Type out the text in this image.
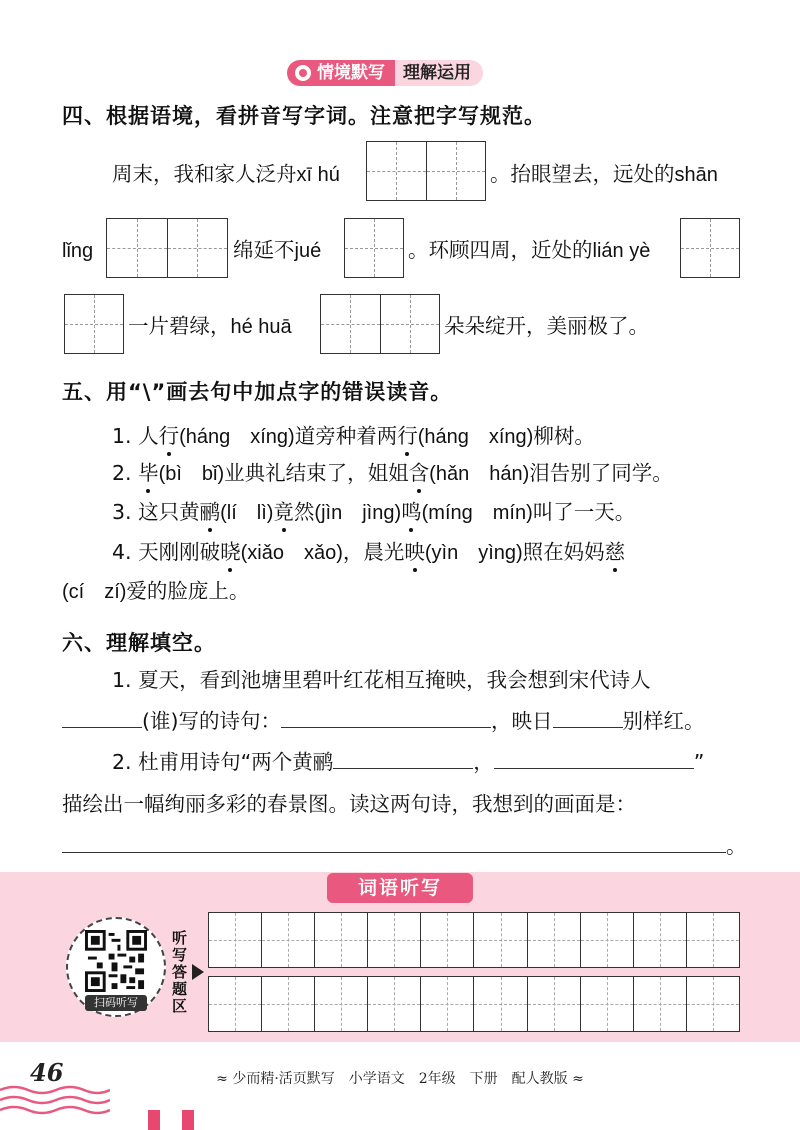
情境默写	理解运用
四、根据语境，看拼音写字词。注意把字写规范。
周末，我和家人泛舟xī hú	。抬眼望去，远处的shān
lǐng	绵延不jué	。环顾四周，近处的lián yè
一片碧绿，hé huā	朵朵绽开，美丽极了。
五、用“\”画去句中加点字的错误读音。
1. 人行(háng　xíng)道旁种着两行(háng　xíng)柳树。
2. 毕(bì　bǐ)业典礼结束了，姐姐含(hǎn　hán)泪告别了同学。
3. 这只黄鹂(lí　lì)竟然(jìn　jìng)鸣(míng　mín)叫了一天。
4. 天刚刚破晓(xiǎo　xǎo)，晨光映(yìn　yìng)照在妈妈慈
(cí　zí)爱的脸庞上。
六、理解填空。
1. 夏天，看到池塘里碧叶红花相互掩映，我会想到宋代诗人
(谁)写的诗句：	，映日	别样红。
2. 杜甫用诗句“两个黄鹂	，	”
描绘出一幅绚丽多彩的春景图。读这两句诗，我想到的画面是：
。
词语听写
扫码听写
听写答题区
46	≈ 少而精·活页默写　小学语文　2年级　下册　配人教版 ≈
